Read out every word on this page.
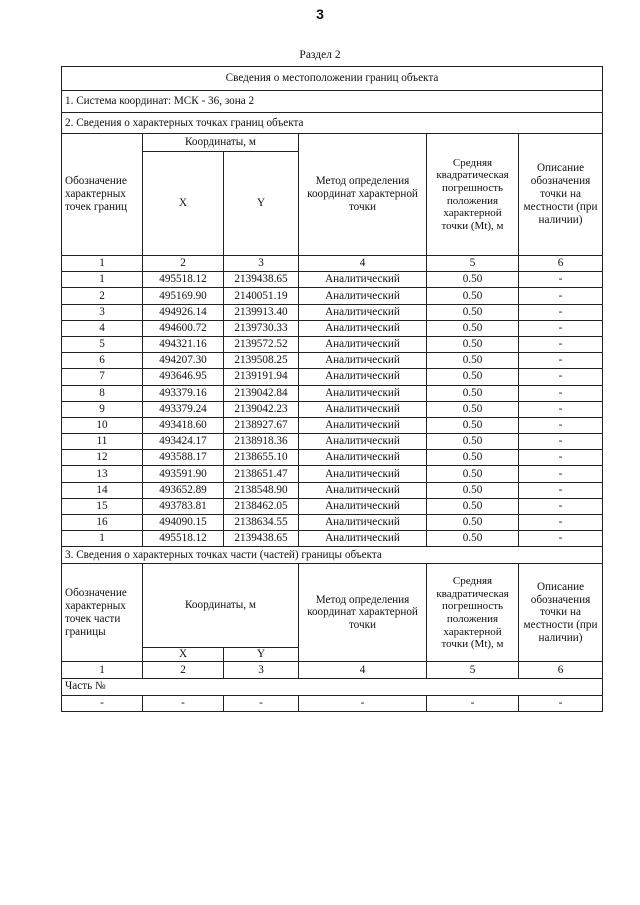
3
Раздел 2
Сведения о местоположении границ объекта					
1. Система координат: МСК - 36, зона 2					
2. Сведения о характерных точках границ объекта					
Обозначение характерных точек границ	Координаты, м		Метод определения координат характерной точки	Средняя квадратическая погрешность положения характерной точки (Mt), м	Описание обозначения точки на местности (при наличии)
	X	Y			
1	2	3	4	5	6
1	495518.12	2139438.65	Аналитический	0.50	-
2	495169.90	2140051.19	Аналитический	0.50	-
3	494926.14	2139913.40	Аналитический	0.50	-
4	494600.72	2139730.33	Аналитический	0.50	-
5	494321.16	2139572.52	Аналитический	0.50	-
6	494207.30	2139508.25	Аналитический	0.50	-
7	493646.95	2139191.94	Аналитический	0.50	-
8	493379.16	2139042.84	Аналитический	0.50	-
9	493379.24	2139042.23	Аналитический	0.50	-
10	493418.60	2138927.67	Аналитический	0.50	-
11	493424.17	2138918.36	Аналитический	0.50	-
12	493588.17	2138655.10	Аналитический	0.50	-
13	493591.90	2138651.47	Аналитический	0.50	-
14	493652.89	2138548.90	Аналитический	0.50	-
15	493783.81	2138462.05	Аналитический	0.50	-
16	494090.15	2138634.55	Аналитический	0.50	-
1	495518.12	2139438.65	Аналитический	0.50	-
3. Сведения о характерных точках части (частей) границы объекта					
Обозначение характерных точек части границы	Координаты, м		Метод определения координат характерной точки	Средняя квадратическая погрешность положения характерной точки (Mt), м	Описание обозначения точки на местности (при наличии)
	X	Y			
1	2	3	4	5	6
Часть №					
-	-	-	-	-	-
